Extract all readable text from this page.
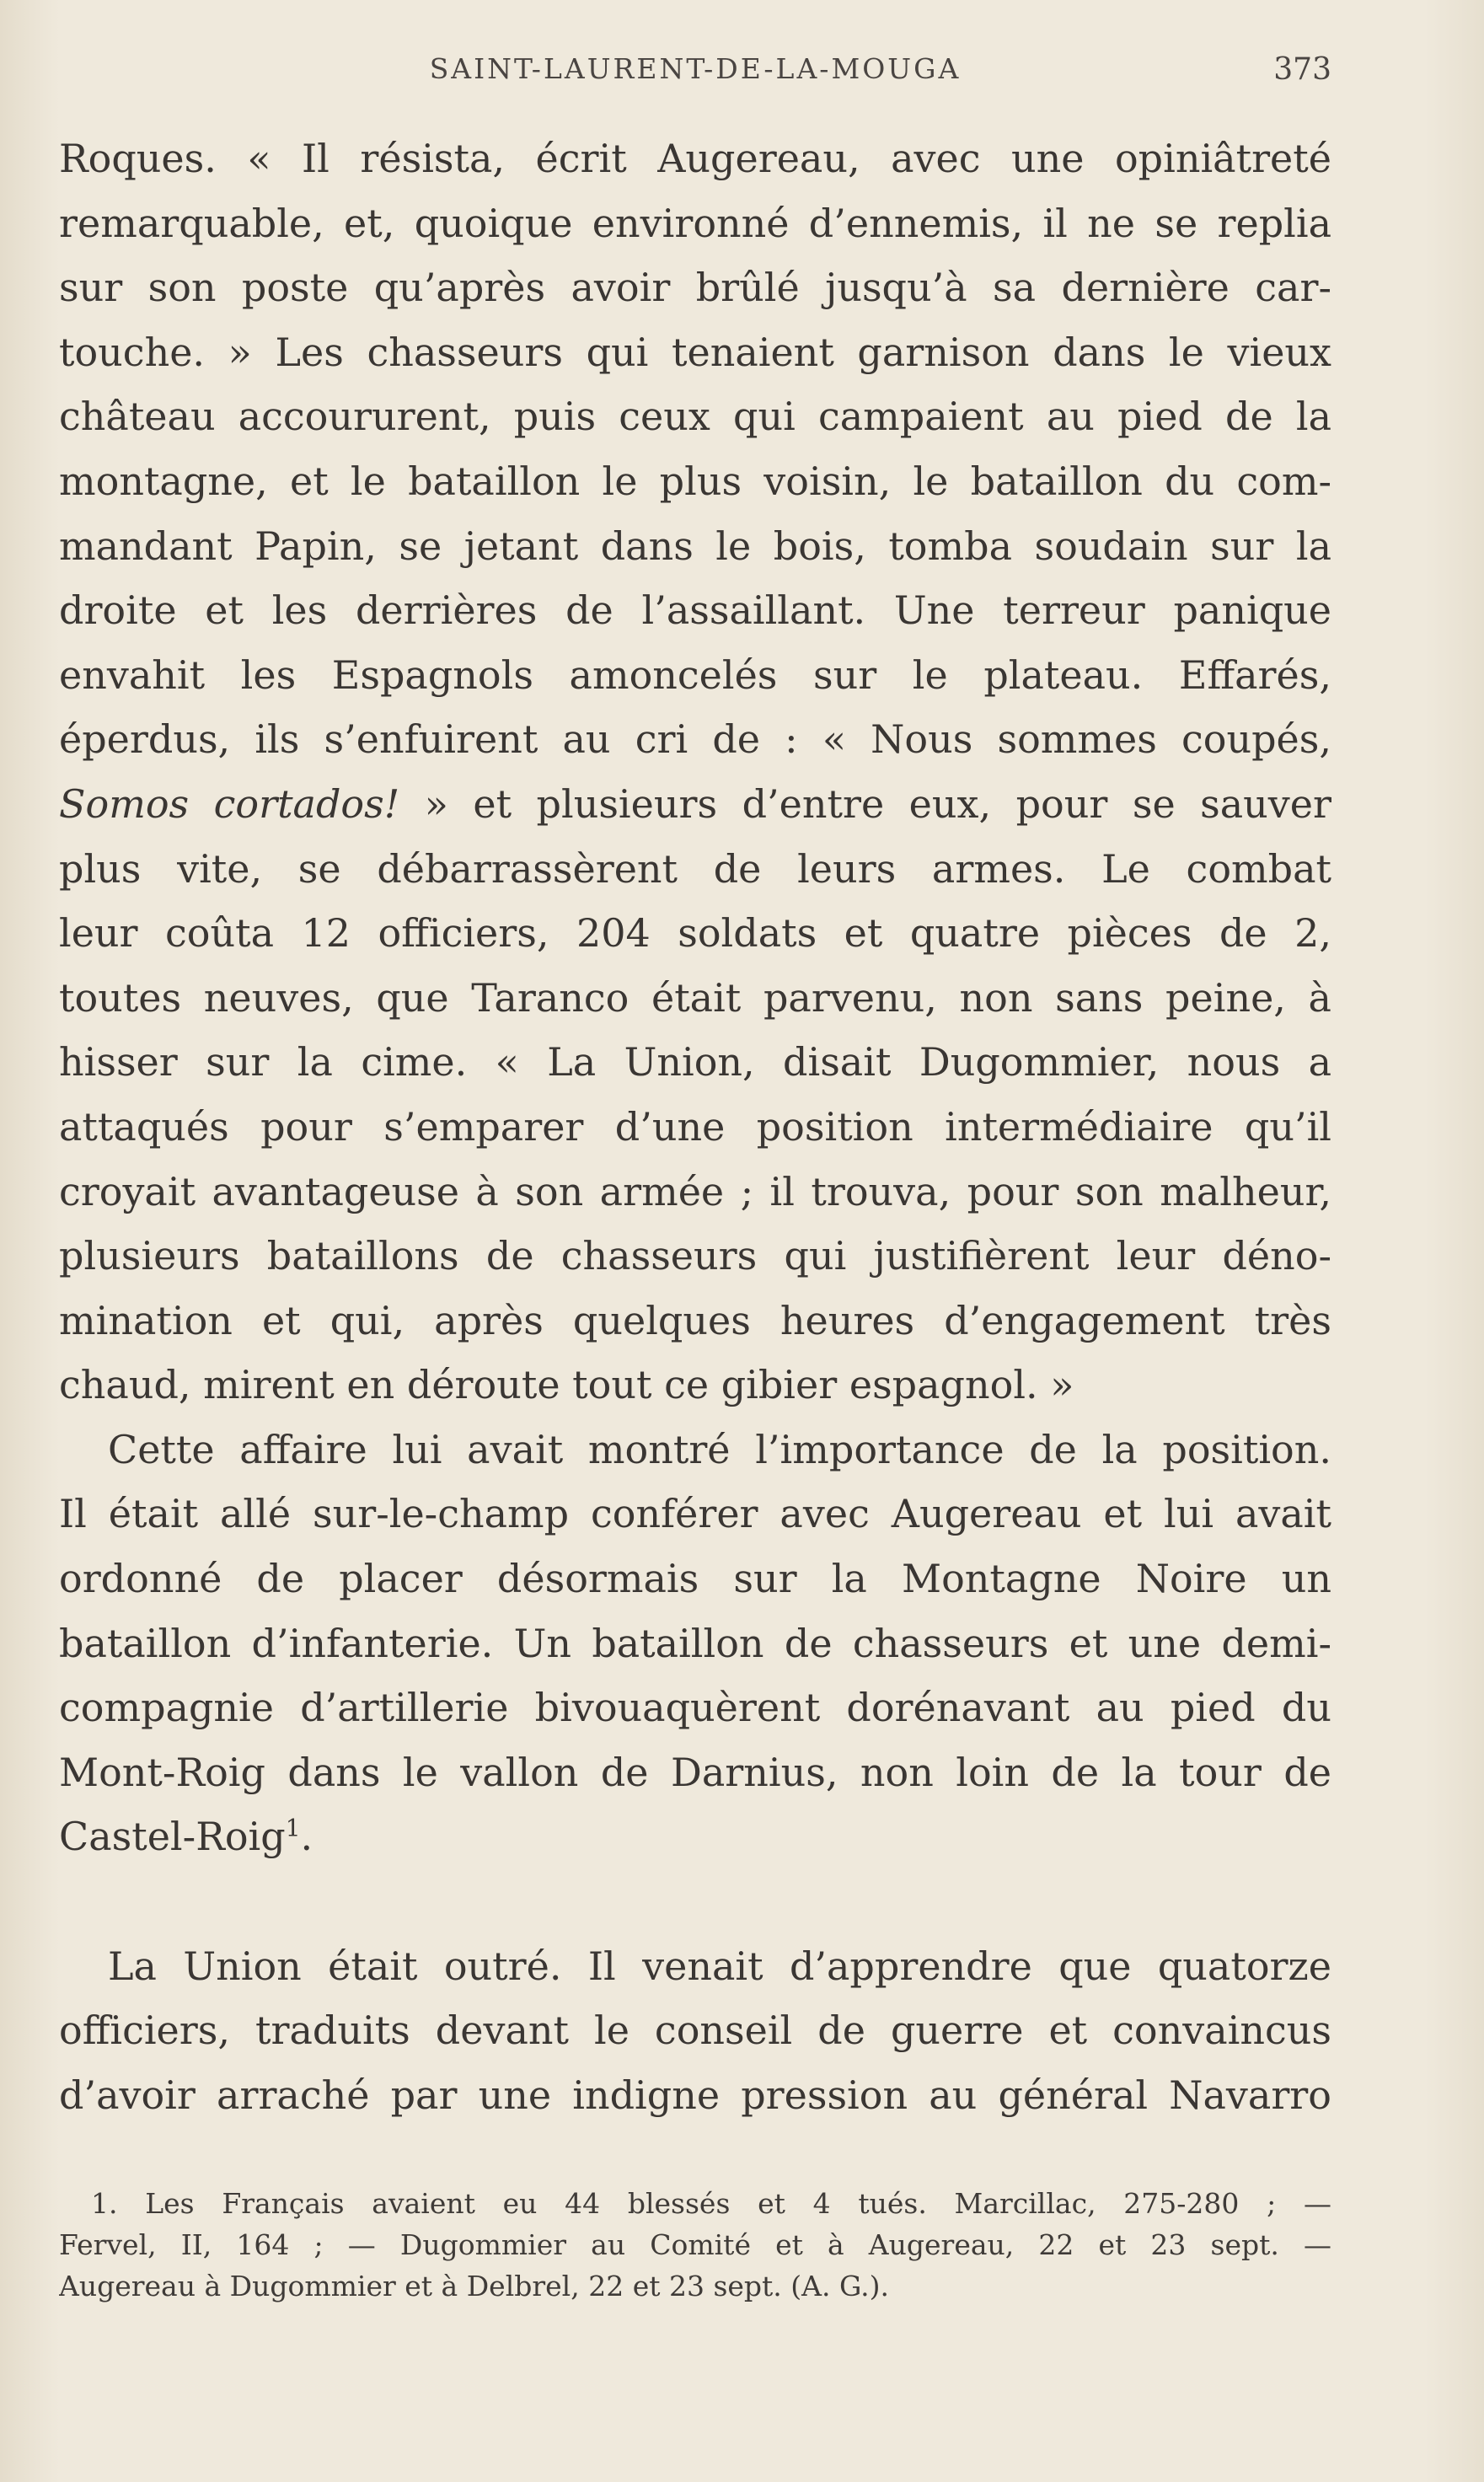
SAINT-LAURENT-DE-LA-MOUGA	373
Roques. « Il résista, écrit Augereau, avec une opiniâtreté
remarquable, et, quoique environné d’ennemis, il ne se replia
sur son poste qu’après avoir brûlé jusqu’à sa dernière car-
touche. » Les chasseurs qui tenaient garnison dans le vieux
château accoururent, puis ceux qui campaient au pied de la
montagne, et le bataillon le plus voisin, le bataillon du com-
mandant Papin, se jetant dans le bois, tomba soudain sur la
droite et les derrières de l’assaillant. Une terreur panique
envahit les Espagnols amoncelés sur le plateau. Effarés,
éperdus, ils s’enfuirent au cri de : « Nous sommes coupés,
Somos cortados! » et plusieurs d’entre eux, pour se sauver
plus vite, se débarrassèrent de leurs armes. Le combat
leur coûta 12 officiers, 204 soldats et quatre pièces de 2,
toutes neuves, que Taranco était parvenu, non sans peine, à
hisser sur la cime. « La Union, disait Dugommier, nous a
attaqués pour s’emparer d’une position intermédiaire qu’il
croyait avantageuse à son armée ; il trouva, pour son malheur,
plusieurs bataillons de chasseurs qui justifièrent leur déno-
mination et qui, après quelques heures d’engagement très
chaud, mirent en déroute tout ce gibier espagnol. »
Cette affaire lui avait montré l’importance de la position.
Il était allé sur-le-champ conférer avec Augereau et lui avait
ordonné de placer désormais sur la Montagne Noire un
bataillon d’infanterie. Un bataillon de chasseurs et une demi-
compagnie d’artillerie bivouaquèrent dorénavant au pied du
Mont-Roig dans le vallon de Darnius, non loin de la tour de
Castel-Roig$^1$.
La Union était outré. Il venait d’apprendre que quatorze
officiers, traduits devant le conseil de guerre et convaincus
d’avoir arraché par une indigne pression au général Navarro
1. Les Français avaient eu 44 blessés et 4 tués. Marcillac, 275-280 ; —
Fervel, II, 164 ; — Dugommier au Comité et à Augereau, 22 et 23 sept. —
Augereau à Dugommier et à Delbrel, 22 et 23 sept. (A. G.).
